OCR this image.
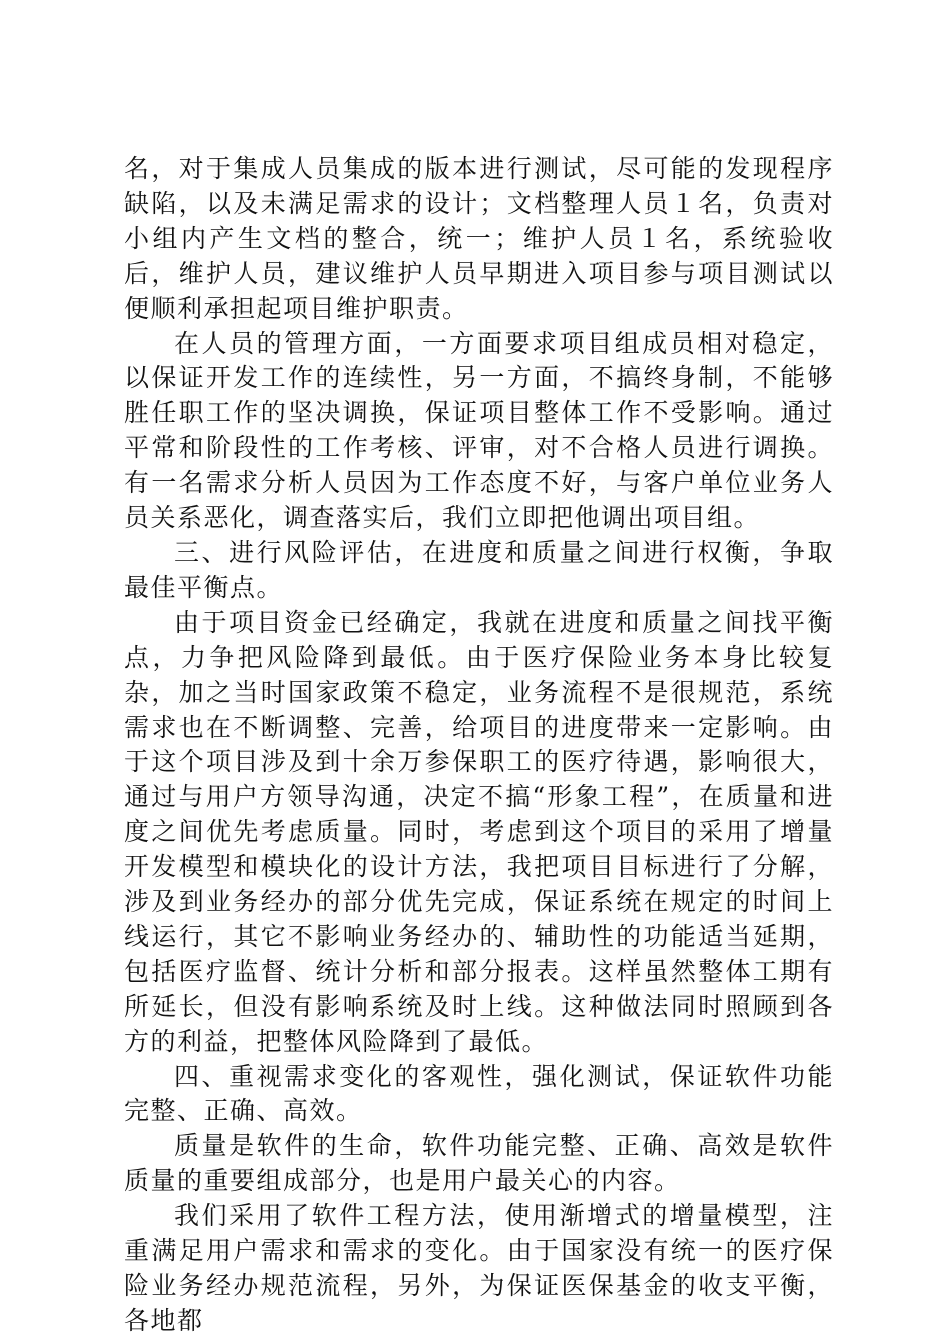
名，对于集成人员集成的版本进行测试，尽可能的发现程序缺陷，以及未满足需求的设计；文档整理人员１名，负责对小组内产生文档的整合，统一；维护人员１名，系统验收后，维护人员，建议维护人员早期进入项目参与项目测试以便顺利承担起项目维护职责。

在人员的管理方面，一方面要求项目组成员相对稳定，以保证开发工作的连续性，另一方面，不搞终身制，不能够胜任职工作的坚决调换，保证项目整体工作不受影响。通过平常和阶段性的工作考核、评审，对不合格人员进行调换。有一名需求分析人员因为工作态度不好，与客户单位业务人员关系恶化，调查落实后，我们立即把他调出项目组。

三、进行风险评估，在进度和质量之间进行权衡，争取最佳平衡点。

由于项目资金已经确定，我就在进度和质量之间找平衡点，力争把风险降到最低。由于医疗保险业务本身比较复杂，加之当时国家政策不稳定，业务流程不是很规范，系统需求也在不断调整、完善，给项目的进度带来一定影响。由于这个项目涉及到十余万参保职工的医疗待遇，影响很大，通过与用户方领导沟通，决定不搞“形象工程”，在质量和进度之间优先考虑质量。同时，考虑到这个项目的采用了增量开发模型和模块化的设计方法，我把项目目标进行了分解，涉及到业务经办的部分优先完成，保证系统在规定的时间上线运行，其它不影响业务经办的、辅助性的功能适当延期，包括医疗监督、统计分析和部分报表。这样虽然整体工期有所延长，但没有影响系统及时上线。这种做法同时照顾到各方的利益，把整体风险降到了最低。

四、重视需求变化的客观性，强化测试，保证软件功能完整、正确、高效。

质量是软件的生命，软件功能完整、正确、高效是软件质量的重要组成部分，也是用户最关心的内容。

我们采用了软件工程方法，使用渐增式的增量模型，注重满足用户需求和需求的变化。由于国家没有统一的医疗保险业务经办规范流程，另外，为保证医保基金的收支平衡，各地都
